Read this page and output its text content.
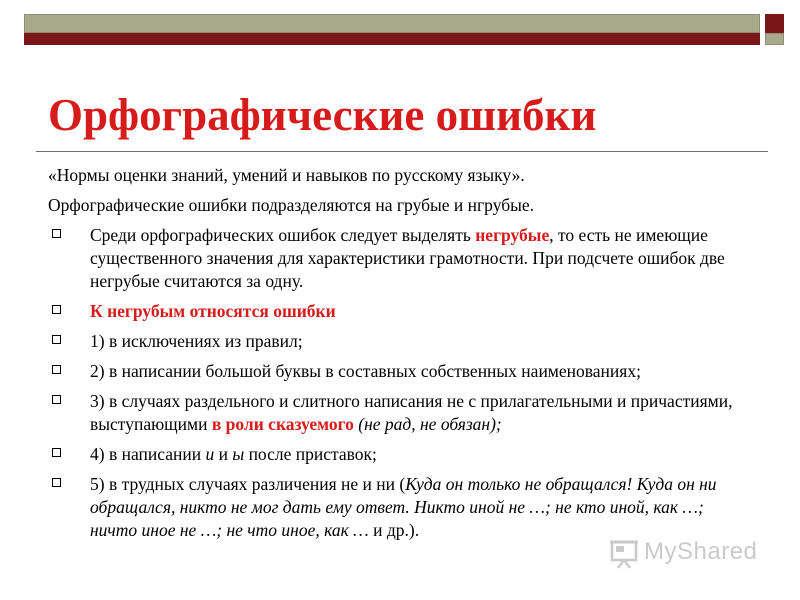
Орфографические ошибки

«Нормы оценки знаний, умений и навыков по русскому языку».

Орфографические ошибки подразделяются на грубые и нгрубые.

Среди орфографических ошибок следует выделять негрубые, то есть не имеющие существенного значения для характеристики грамотности. При подсчете ошибок две негрубые считаются за одну.
К негрубым относятся ошибки
1) в исключениях из правил;
2) в написании большой буквы в составных собственных наименованиях;
3) в случаях раздельного и слитного написания не с прилагательными и причастиями, выступающими в роли сказуемого (не рад, не обязан);
4) в написании и и ы после приставок;
5) в трудных случаях различения не и ни (Куда он только не обращался! Куда он ни обращался, никто не мог дать ему ответ. Никто иной не …; не кто иной, как …; ничто иное не …; не что иное, как … и др.).
MyShared
